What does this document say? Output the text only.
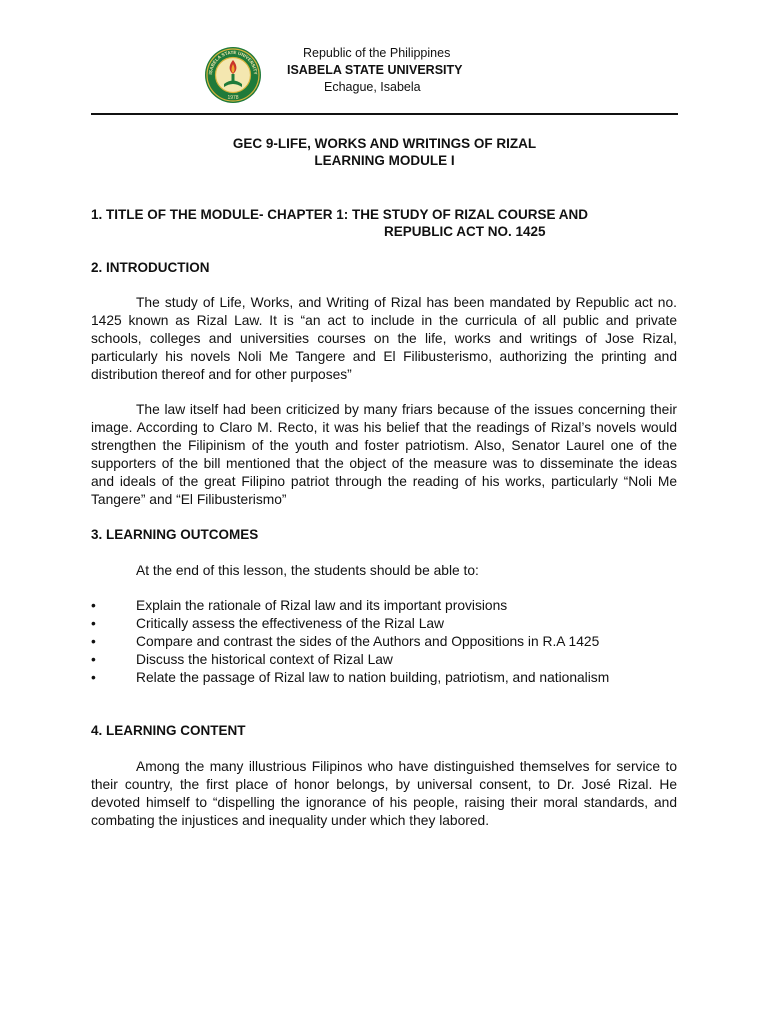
1978
ISABELA STATE UNIVERSITY
Republic of the Philippines
ISABELA STATE UNIVERSITY
Echague, Isabela
GEC 9-LIFE, WORKS AND WRITINGS OF RIZAL
LEARNING MODULE I
1. TITLE OF THE MODULE- CHAPTER 1: THE STUDY OF RIZAL COURSE AND
REPUBLIC ACT NO. 1425
2. INTRODUCTION

The study of Life, Works, and Writing of Rizal has been mandated by Republic act no. 1425 known as Rizal Law. It is “an act to include in the curricula of all public and private schools, colleges and universities courses on the life, works and writings of Jose Rizal, particularly his novels Noli Me Tangere and El Filibusterismo, authorizing the printing and distribution thereof and for other purposes”

The law itself had been criticized by many friars because of the issues concerning their image. According to Claro M. Recto, it was his belief that the readings of Rizal’s novels would strengthen the Filipinism of the youth and foster patriotism. Also, Senator Laurel one of the supporters of the bill mentioned that the object of the measure was to disseminate the ideas and ideals of the great Filipino patriot through the reading of his works, particularly “Noli Me Tangere” and “El Filibusterismo”

3. LEARNING OUTCOMES
At the end of this lesson, the students should be able to:
•	Explain the rationale of Rizal law and its important provisions
•	Critically assess the effectiveness of the Rizal Law
•	Compare and contrast the sides of the Authors and Oppositions in R.A 1425
•	Discuss the historical context of Rizal Law
•	Relate the passage of Rizal law to nation building, patriotism, and nationalism
4. LEARNING CONTENT

Among the many illustrious Filipinos who have distinguished themselves for service to their country, the first place of honor belongs, by universal consent, to Dr. José Rizal. He devoted himself to “dispelling the ignorance of his people, raising their moral standards, and combating the injustices and inequality under which they labored.
